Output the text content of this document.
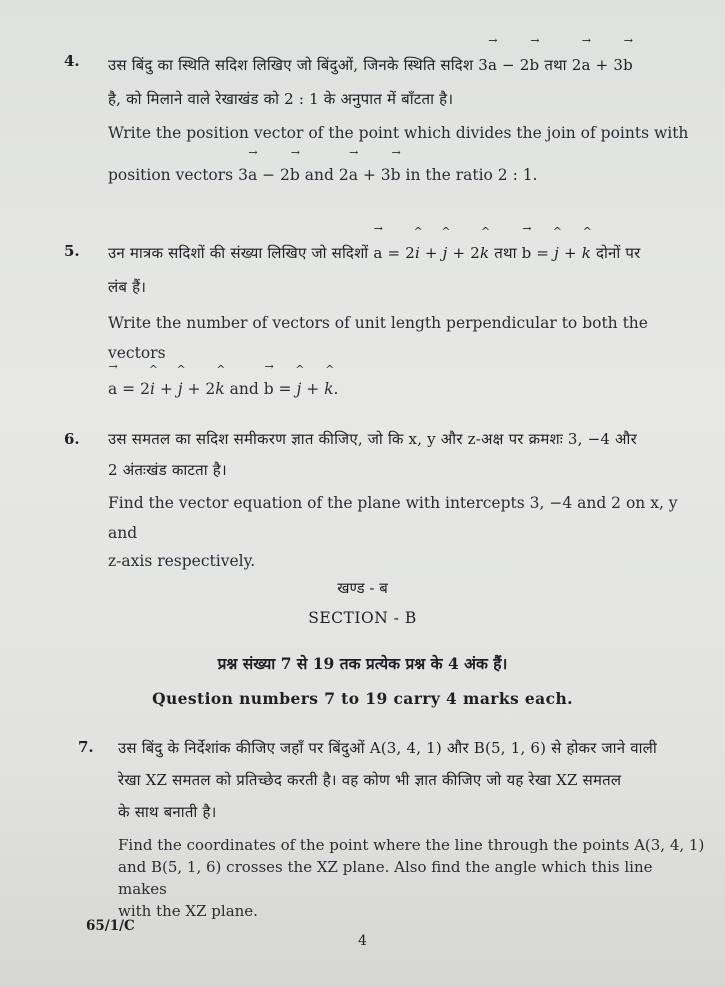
4. उस बिंदु का स्थिति सदिश लिखिए जो बिंदुओं, जिनके स्थिति सदिश 3→ a − 2→ b तथा 2→ a + 3→ b
है, को मिलाने वाले रेखाखंड को 2 : 1 के अनुपात में बाँटता है।
Write the position vector of the point which divides the join of points with
position vectors 3→ a − 2→ b and 2→ a + 3→ b in the ratio 2 : 1.
5. उन मात्रक सदिशों की संख्या लिखिए जो सदिशों → a = 2^ i + ^ j + 2^ k तथा → b = ^ j + ^ k दोनों पर
लंब हैं।
Write the number of vectors of unit length perpendicular to both the vectors
→ a = 2^ i + ^ j + 2^ k and → b = ^ j + ^ k.
6. उस समतल का सदिश समीकरण ज्ञात कीजिए, जो कि x, y और z-अक्ष पर क्रमशः 3, −4 और
2 अंतःखंड काटता है।
Find the vector equation of the plane with intercepts 3, −4 and 2 on x, y and
z-axis respectively.
खण्ड - ब
SECTION - B
प्रश्न संख्या 7 से 19 तक प्रत्येक प्रश्न के 4 अंक हैं।
Question numbers 7 to 19 carry 4 marks each.
7. उस बिंदु के निर्देशांक कीजिए जहाँ पर बिंदुओं A(3, 4, 1) और B(5, 1, 6) से होकर जाने वाली
रेखा XZ समतल को प्रतिच्छेद करती है। वह कोण भी ज्ञात कीजिए जो यह रेखा XZ समतल
के साथ बनाती है।
Find the coordinates of the point where the line through the points A(3, 4, 1)
and B(5, 1, 6) crosses the XZ plane. Also find the angle which this line makes
with the XZ plane.
65/1/C
4
